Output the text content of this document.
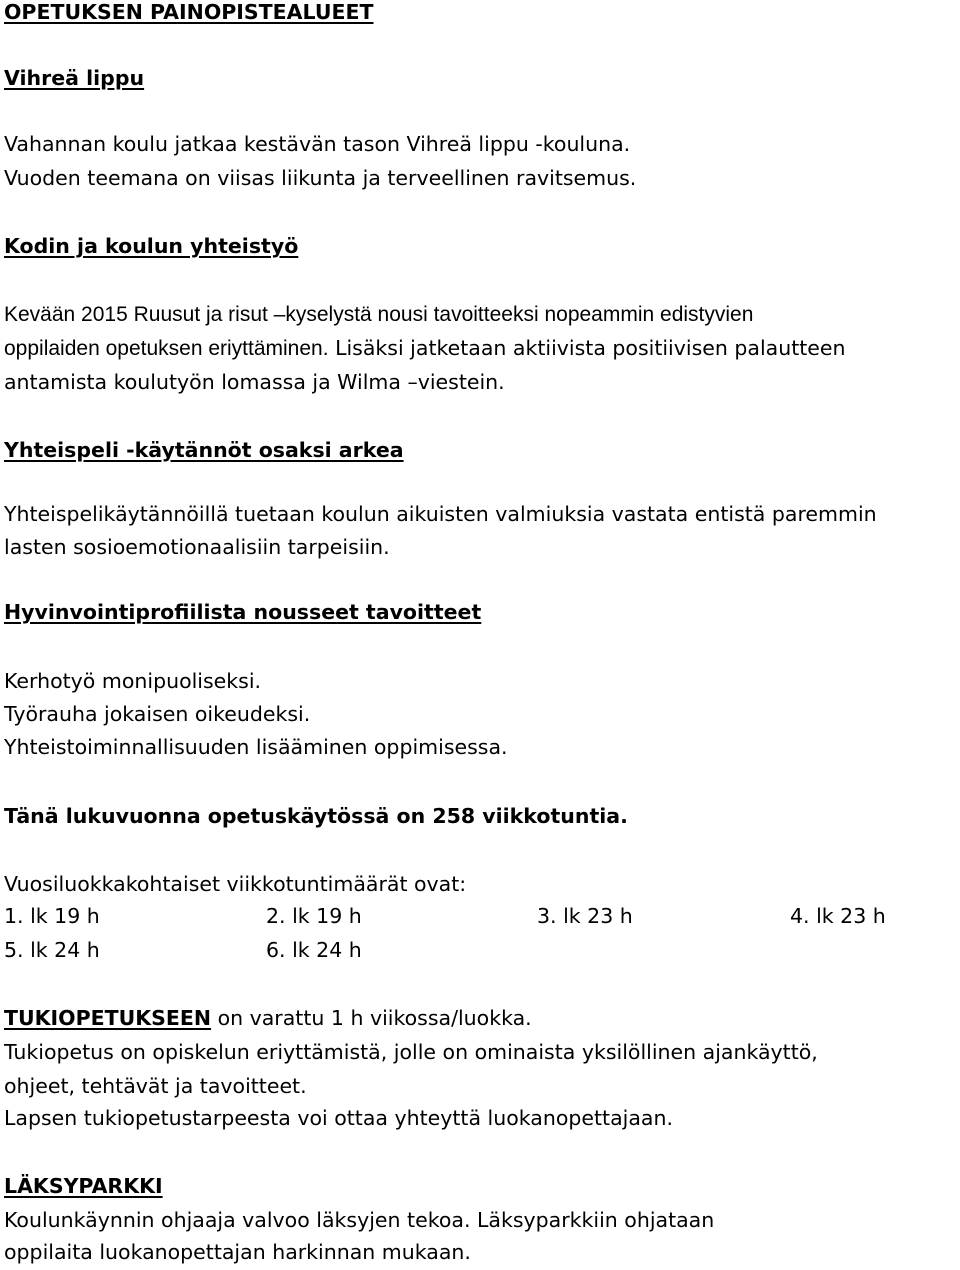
OPETUKSEN PAINOPISTEALUEET
Vihreä lippu
Vahannan koulu jatkaa kestävän tason Vihreä lippu -kouluna.
Vuoden teemana on viisas liikunta ja terveellinen ravitsemus.
Kodin ja koulun yhteistyö
Kevään 2015 Ruusut ja risut –kyselystä nousi tavoitteeksi nopeammin edistyvien
oppilaiden opetuksen eriyttäminen. Lisäksi jatketaan aktiivista positiivisen palautteen
antamista koulutyön lomassa ja Wilma –viestein.
Yhteispeli -käytännöt osaksi arkea
Yhteispelikäytännöillä tuetaan koulun aikuisten valmiuksia vastata entistä paremmin
lasten sosioemotionaalisiin tarpeisiin.
Hyvinvointiprofiilista nousseet tavoitteet
Kerhotyö monipuoliseksi.
Työrauha jokaisen oikeudeksi.
Yhteistoiminnallisuuden lisääminen oppimisessa.
Tänä lukuvuonna opetuskäytössä on 258 viikkotuntia.
Vuosiluokkakohtaiset viikkotuntimäärät ovat:
1. lk 19 h	2. lk 19 h	3. lk 23 h	4. lk 23 h
5. lk 24 h	6. lk 24 h
TUKIOPETUKSEEN on varattu 1 h viikossa/luokka.
Tukiopetus on opiskelun eriyttämistä, jolle on ominaista yksilöllinen ajankäyttö,
ohjeet, tehtävät ja tavoitteet.
Lapsen tukiopetustarpeesta voi ottaa yhteyttä luokanopettajaan.
LÄKSYPARKKI
Koulunkäynnin ohjaaja valvoo läksyjen tekoa. Läksyparkkiin ohjataan
oppilaita luokanopettajan harkinnan mukaan.
